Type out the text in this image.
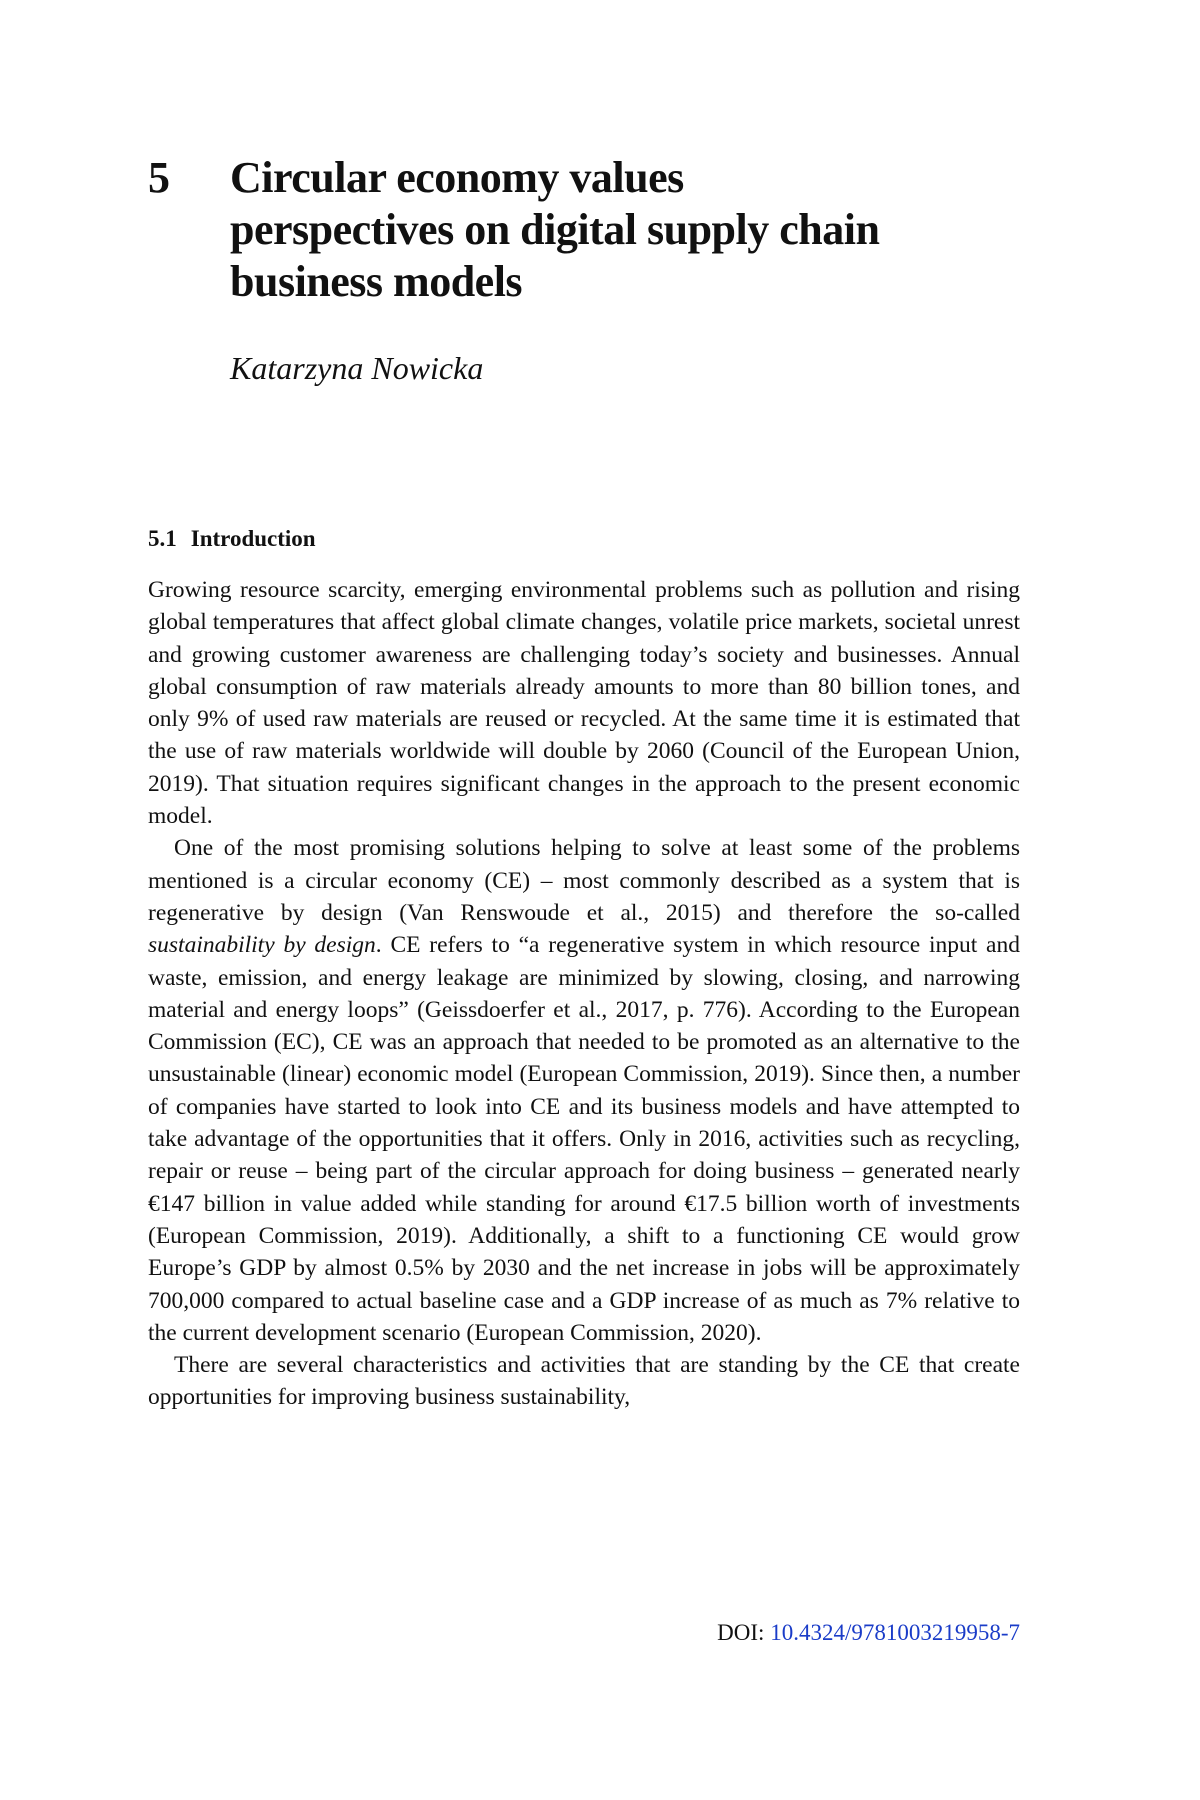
5 Circular economy values perspectives on digital supply chain business models
Katarzyna Nowicka
5.1 Introduction

Growing resource scarcity, emerging environmental problems such as pollution and rising global temperatures that affect global climate changes, volatile price markets, societal unrest and growing customer awareness are challenging today’s society and businesses. Annual global consumption of raw materials already amounts to more than 80 billion tones, and only 9% of used raw materials are reused or recycled. At the same time it is estimated that the use of raw materials worldwide will double by 2060 (Council of the European Union, 2019). That situation requires significant changes in the approach to the present economic model.

One of the most promising solutions helping to solve at least some of the problems mentioned is a circular economy (CE) – most commonly described as a system that is regenerative by design (Van Renswoude et al., 2015) and therefore the so-called sustainability by design. CE refers to “a regenerative system in which resource input and waste, emission, and energy leakage are minimized by slowing, closing, and narrowing material and energy loops” (Geissdoerfer et al., 2017, p. 776). According to the European Commission (EC), CE was an approach that needed to be promoted as an alternative to the unsustainable (linear) economic model (European Commission, 2019). Since then, a number of companies have started to look into CE and its business models and have attempted to take advantage of the opportunities that it offers. Only in 2016, activities such as recycling, repair or reuse – being part of the circular approach for doing business – generated nearly €147 billion in value added while standing for around €17.5 billion worth of investments (European Commission, 2019). Additionally, a shift to a functioning CE would grow Europe’s GDP by almost 0.5% by 2030 and the net increase in jobs will be approximately 700,000 compared to actual baseline case and a GDP increase of as much as 7% relative to the current development scenario (European Commission, 2020).

There are several characteristics and activities that are standing by the CE that create opportunities for improving business sustainability,

DOI: 10.4324/9781003219958-7
